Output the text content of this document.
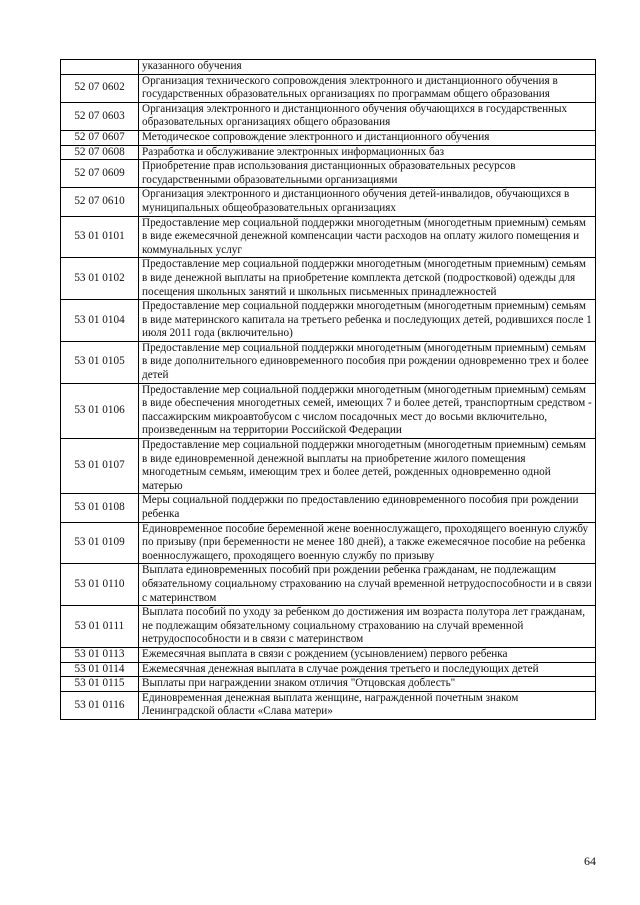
	указанного обучения
52 07 0602	Организация технического сопровождения электронного и дистанционного обучения в государственных образовательных организациях по программам общего образования
52 07 0603	Организация электронного и дистанционного обучения обучающихся в государственных образовательных организациях общего образования
52 07 0607	Методическое сопровождение электронного и дистанционного обучения
52 07 0608	Разработка и обслуживание электронных информационных баз
52 07 0609	Приобретение прав использования дистанционных образовательных ресурсов государственными образовательными организациями
52 07 0610	Организация электронного и дистанционного обучения детей-инвалидов, обучающихся в муниципальных общеобразовательных организациях
53 01 0101	Предоставление мер социальной поддержки многодетным (многодетным приемным) семьям в виде ежемесячной денежной компенсации части расходов на оплату жилого помещения и коммунальных услуг
53 01 0102	Предоставление мер социальной поддержки многодетным (многодетным приемным) семьям в виде денежной выплаты на приобретение комплекта детской (подростковой) одежды для посещения школьных занятий и школьных письменных принадлежностей
53 01 0104	Предоставление мер социальной поддержки многодетным (многодетным приемным) семьям в виде материнского капитала на третьего ребенка и последующих детей, родившихся после 1 июля 2011 года (включительно)
53 01 0105	Предоставление мер социальной поддержки многодетным (многодетным приемным) семьям в виде дополнительного единовременного пособия при рождении одновременно трех и более детей
53 01 0106	Предоставление мер социальной поддержки многодетным (многодетным приемным) семьям в виде обеспечения многодетных семей, имеющих 7 и более детей, транспортным средством - пассажирским микроавтобусом с числом посадочных мест до восьми включительно, произведенным на территории Российской Федерации
53 01 0107	Предоставление мер социальной поддержки многодетным (многодетным приемным) семьям в виде единовременной денежной выплаты на приобретение жилого помещения многодетным семьям, имеющим трех и более детей, рожденных одновременно одной матерью
53 01 0108	Меры социальной поддержки по предоставлению единовременного пособия при рождении ребенка
53 01 0109	Единовременное пособие беременной жене военнослужащего, проходящего военную службу по призыву (при беременности не менее 180 дней), а также ежемесячное пособие на ребенка военнослужащего, проходящего военную службу по призыву
53 01 0110	Выплата единовременных пособий при рождении ребенка гражданам, не подлежащим обязательному социальному страхованию на случай временной нетрудоспособности и в связи с материнством
53 01 0111	Выплата пособий по уходу за ребенком до достижения им возраста полутора лет гражданам, не подлежащим обязательному социальному страхованию на случай временной нетрудоспособности и в связи с материнством
53 01 0113	Ежемесячная выплата в связи с рождением (усыновлением) первого ребенка
53 01 0114	Ежемесячная денежная выплата в случае рождения третьего и последующих детей
53 01 0115	Выплаты при награждении знаком отличия "Отцовская доблесть"
53 01 0116	Единовременная денежная выплата женщине, награжденной почетным знаком Ленинградской области «Слава матери»
64
